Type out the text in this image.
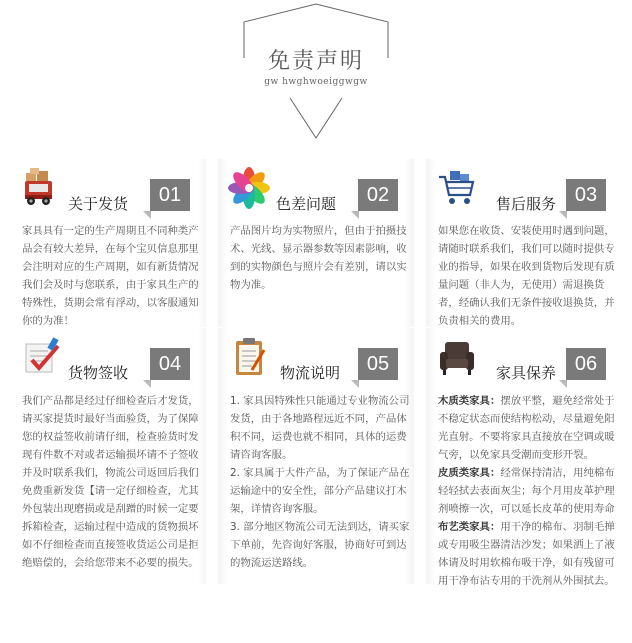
免责声明
gw hwghwoeiggwgw
关于发货	01

家具具有一定的生产周期且不同种类产品会有较大差异，在每个宝贝信息那里会注明对应的生产周期，如有新货情况我们会及时与您联系，由于家具生产的特殊性，货期会常有浮动，以客服通知你的为准！

色差问题	02

产品图片均为实物照片，但由于拍摄技术、光线、显示器参数等因素影响，收到的实物颜色与照片会有差别，请以实物为准。

售后服务 03

如果您在收货、安装使用时遇到问题，请随时联系我们，我们可以随时提供专业的指导，如果在收到货物后发现有质量问题（非人为，无使用）需退换货者，经确认我们无条件接收退换货，并负责相关的费用。

货物签收	04

我们产品都是经过仔细检查后才发货，请买家提货时最好当面验货，为了保障您的权益签收前请仔细，检查验货时发现有件数不对或者运输损坏请不子签收并及时联系我们，物流公司返回后我们免费重新发货【请一定仔细检查，尤其外包装出现磨损或是刮蹭的时候一定要拆箱检查，运输过程中造成的货物损坏如不仔细检查而直接签收货运公司是拒绝赔偿的，会给您带来不必要的损失。

物流说明	05

1. 家具因特殊性只能通过专业物流公司发货，由于各地路程远近不同，产品体积不同，运费也就不相同，具体的运费请咨询客服。

2. 家具属于大件产品，为了保证产品在运输途中的安全性，部分产品建议打木架，详情咨询客服。

3. 部分地区物流公司无法到达，请买家下单前，先咨询好客服，协商好可到达的物流运送路线。

家具保养 06

木质类家具：摆放平整，避免经常处于不稳定状态而使结构松动，尽量避免阳光直射。不要将家具直接放在空调或暖气旁，以免家具受潮而变形开裂。

皮质类家具：经常保持清洁，用纯棉布轻轻拭去表面灰尘；每个月用皮革护理剂喷擦一次，可以延长皮革的使用寿命

布艺类家具：用干净的棉布、羽制毛掸或专用吸尘器清洁沙发；如果洒上了液体请及时用软棉布吸干净，如有残留可用干净布沾专用的干洗剂从外围拭去。
